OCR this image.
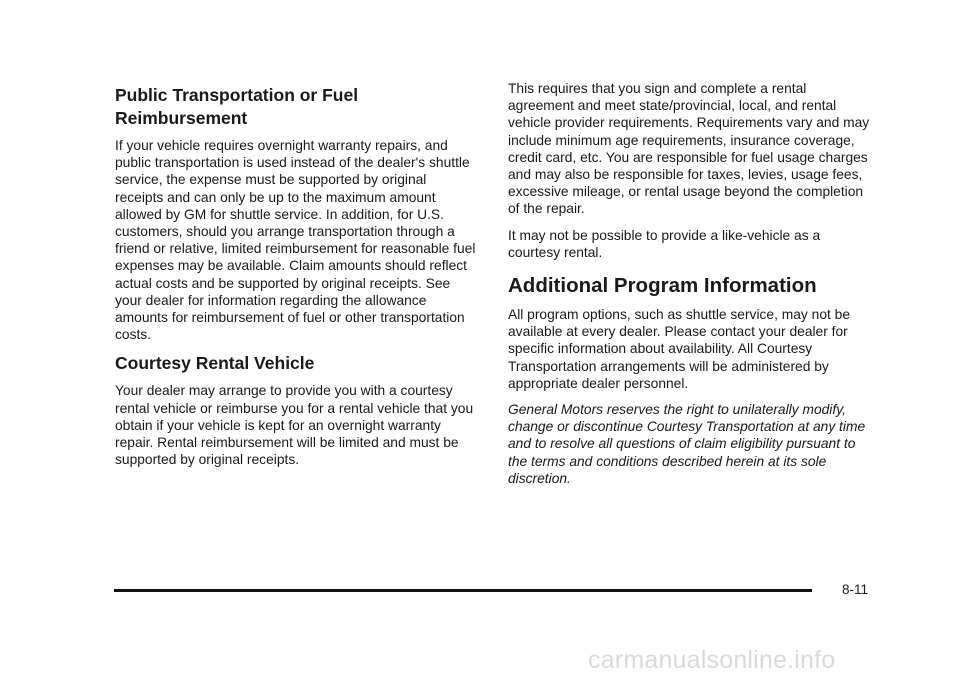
Public Transportation or Fuel Reimbursement

If your vehicle requires overnight warranty repairs, and public transportation is used instead of the dealer's shuttle service, the expense must be supported by original receipts and can only be up to the maximum amount allowed by GM for shuttle service. In addition, for U.S. customers, should you arrange transportation through a friend or relative, limited reimbursement for reasonable fuel expenses may be available. Claim amounts should reflect actual costs and be supported by original receipts. See your dealer for information regarding the allowance amounts for reimbursement of fuel or other transportation costs.

Courtesy Rental Vehicle

Your dealer may arrange to provide you with a courtesy rental vehicle or reimburse you for a rental vehicle that you obtain if your vehicle is kept for an overnight warranty repair. Rental reimbursement will be limited and must be supported by original receipts.

This requires that you sign and complete a rental agreement and meet state/provincial, local, and rental vehicle provider requirements. Requirements vary and may include minimum age requirements, insurance coverage, credit card, etc. You are responsible for fuel usage charges and may also be responsible for taxes, levies, usage fees, excessive mileage, or rental usage beyond the completion of the repair.

It may not be possible to provide a like-vehicle as a courtesy rental.

Additional Program Information

All program options, such as shuttle service, may not be available at every dealer. Please contact your dealer for specific information about availability. All Courtesy Transportation arrangements will be administered by appropriate dealer personnel.

General Motors reserves the right to unilaterally modify, change or discontinue Courtesy Transportation at any time and to resolve all questions of claim eligibility pursuant to the terms and conditions described herein at its sole discretion.

8-11
carmanualsonline.info
